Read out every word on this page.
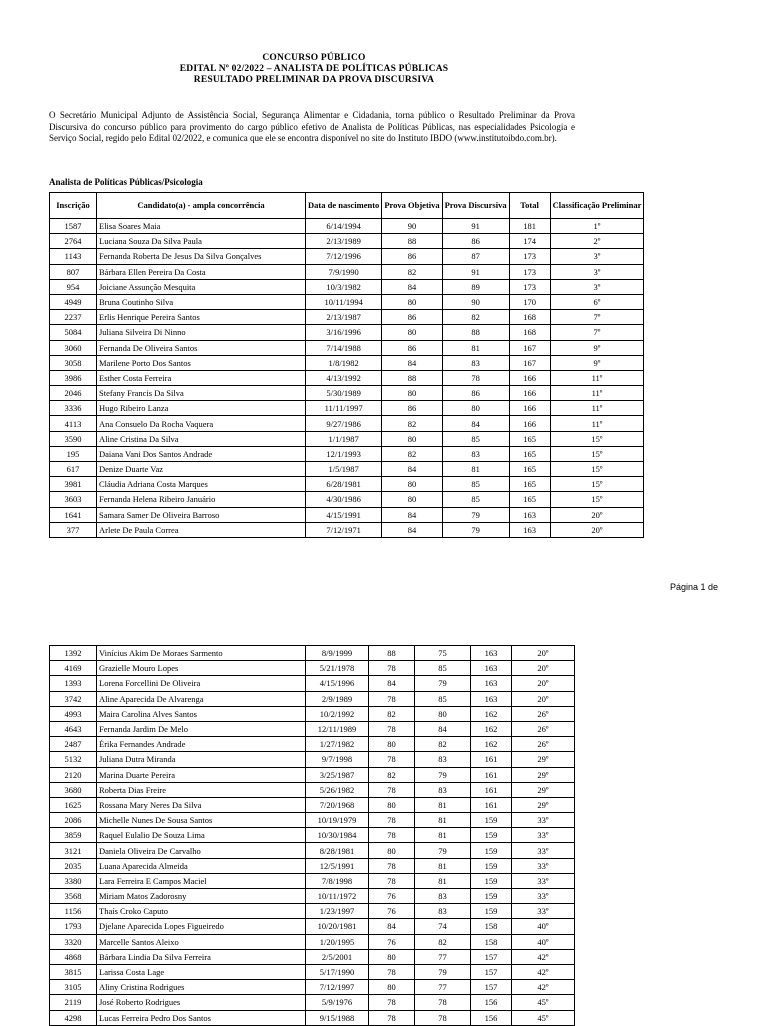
CONCURSO PÚBLICO
EDITAL Nº 02/2022 – ANALISTA DE POLÍTICAS PÚBLICAS
RESULTADO PRELIMINAR DA PROVA DISCURSIVA
O Secretário Municipal Adjunto de Assistência Social, Segurança Alimentar e Cidadania, torna público o Resultado Preliminar da Prova Discursiva do concurso público para provimento do cargo público efetivo de Analista de Políticas Públicas, nas especialidades Psicologia e Serviço Social, regido pelo Edital 02/2022, e comunica que ele se encontra disponível no site do Instituto IBDO (www.institutoibdo.com.br).
Analista de Políticas Públicas/Psicologia
Inscrição	Candidato(a) - ampla concorrência	Data de nascimento	Prova Objetiva	Prova Discursiva	Total	Classificação Preliminar
1587	Elisa Soares Maia	6/14/1994	90	91	181	1º
2764	Luciana Souza Da Silva Paula	2/13/1989	88	86	174	2º
1143	Fernanda Roberta De Jesus Da Silva Gonçalves	7/12/1996	86	87	173	3º
807	Bárbara Ellen Pereira Da Costa	7/9/1990	82	91	173	3º
954	Joiciane Assunção Mesquita	10/3/1982	84	89	173	3º
4949	Bruna Coutinho Silva	10/11/1994	80	90	170	6º
2237	Erlis Henrique Pereira Santos	2/13/1987	86	82	168	7º
5084	Juliana Silveira Di Ninno	3/16/1996	80	88	168	7º
3060	Fernanda De Oliveira Santos	7/14/1988	86	81	167	9º
3058	Marilene Porto Dos Santos	1/8/1982	84	83	167	9º
3986	Esther Costa Ferreira	4/13/1992	88	78	166	11º
2046	Stefany Francis Da Silva	5/30/1989	80	86	166	11º
3336	Hugo Ribeiro Lanza	11/11/1997	86	80	166	11º
4113	Ana Consuelo Da Rocha Vaquera	9/27/1986	82	84	166	11º
3590	Aline Cristina Da Silva	1/1/1987	80	85	165	15º
195	Daiana Vani Dos Santos Andrade	12/1/1993	82	83	165	15º
617	Denize Duarte Vaz	1/5/1987	84	81	165	15º
3981	Cláudia Adriana Costa Marques	6/28/1981	80	85	165	15º
3603	Fernanda Helena Ribeiro Januário	4/30/1986	80	85	165	15º
1641	Samara Samer De Oliveira Barroso	4/15/1991	84	79	163	20º
377	Arlete De Paula Correa	7/12/1971	84	79	163	20º
Página 1 de
1392	Vinícius Akim De Moraes Sarmento	8/9/1999	88	75	163	20º
4169	Grazielle Mouro Lopes	5/21/1978	78	85	163	20º
1393	Lorena Forcellini De Oliveira	4/15/1996	84	79	163	20º
3742	Aline Aparecida De Alvarenga	2/9/1989	78	85	163	20º
4993	Maira Carolina Alves Santos	10/2/1992	82	80	162	26º
4643	Fernanda Jardim De Melo	12/11/1989	78	84	162	26º
2487	Érika Fernandes Andrade	1/27/1982	80	82	162	26º
5132	Juliana Dutra Miranda	9/7/1998	78	83	161	29º
2120	Marina Duarte Pereira	3/25/1987	82	79	161	29º
3680	Roberta Dias Freire	5/26/1982	78	83	161	29º
1625	Rossana Mary Neres Da Silva	7/20/1968	80	81	161	29º
2086	Michelle Nunes De Sousa Santos	10/19/1979	78	81	159	33º
3859	Raquel Eulalio De Souza Lima	10/30/1984	78	81	159	33º
3121	Daniela Oliveira De Carvalho	8/28/1981	80	79	159	33º
2035	Luana Aparecida Almeida	12/5/1991	78	81	159	33º
3380	Lara Ferreira E Campos Maciel	7/8/1998	78	81	159	33º
3568	Miriam Matos Zadorosny	10/11/1972	76	83	159	33º
1156	Thaís Croko Caputo	1/23/1997	76	83	159	33º
1793	Djelane Aparecida Lopes Figueiredo	10/20/1981	84	74	158	40º
3320	Marcelle Santos Aleixo	1/20/1995	76	82	158	40º
4868	Bárbara Lindia Da Silva Ferreira	2/5/2001	80	77	157	42º
3815	Larissa Costa Lage	5/17/1990	78	79	157	42º
3105	Aliny Cristina Rodrigues	7/12/1997	80	77	157	42º
2119	José Roberto Rodrigues	5/9/1976	78	78	156	45º
4298	Lucas Ferreira Pedro Dos Santos	9/15/1988	78	78	156	45º
